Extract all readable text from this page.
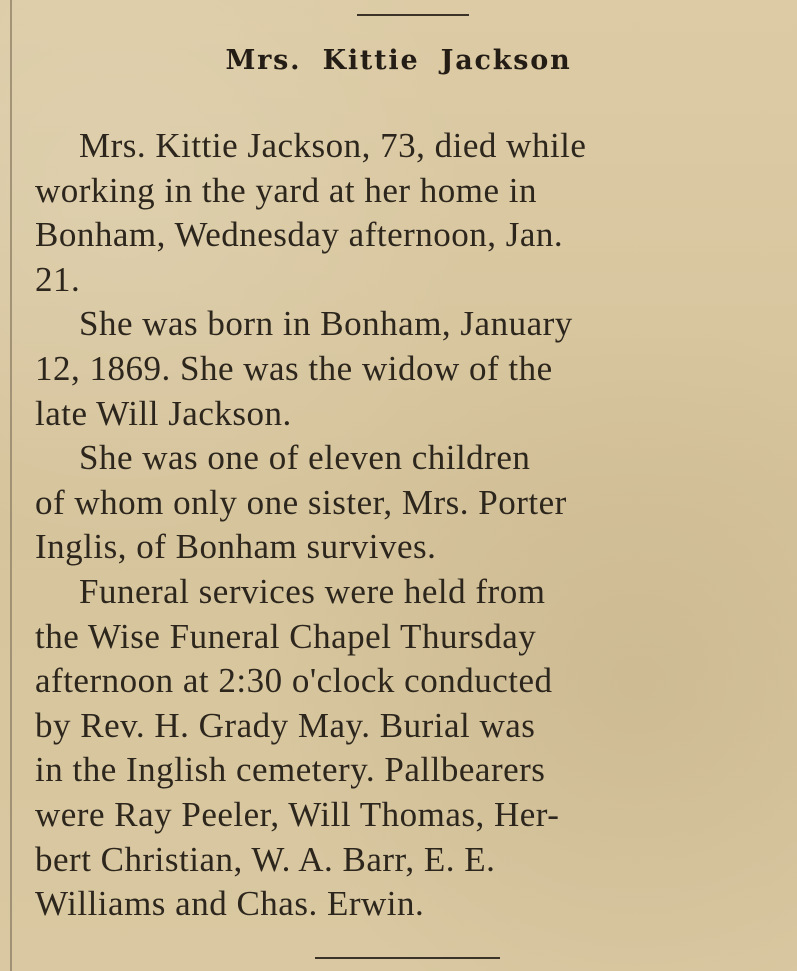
Mrs. Kittie Jackson
Mrs. Kittie Jackson, 73, died while
working in the yard at her home in
Bonham, Wednesday afternoon, Jan.
21.
She was born in Bonham, January
12, 1869. She was the widow of the
late Will Jackson.
She was one of eleven children
of whom only one sister, Mrs. Porter
Inglis, of Bonham survives.
Funeral services were held from
the Wise Funeral Chapel Thursday
afternoon at 2:30 o'clock conducted
by Rev. H. Grady May. Burial was
in the Inglish cemetery. Pallbearers
were Ray Peeler, Will Thomas, Her-
bert Christian, W. A. Barr, E. E.
Williams and Chas. Erwin.
